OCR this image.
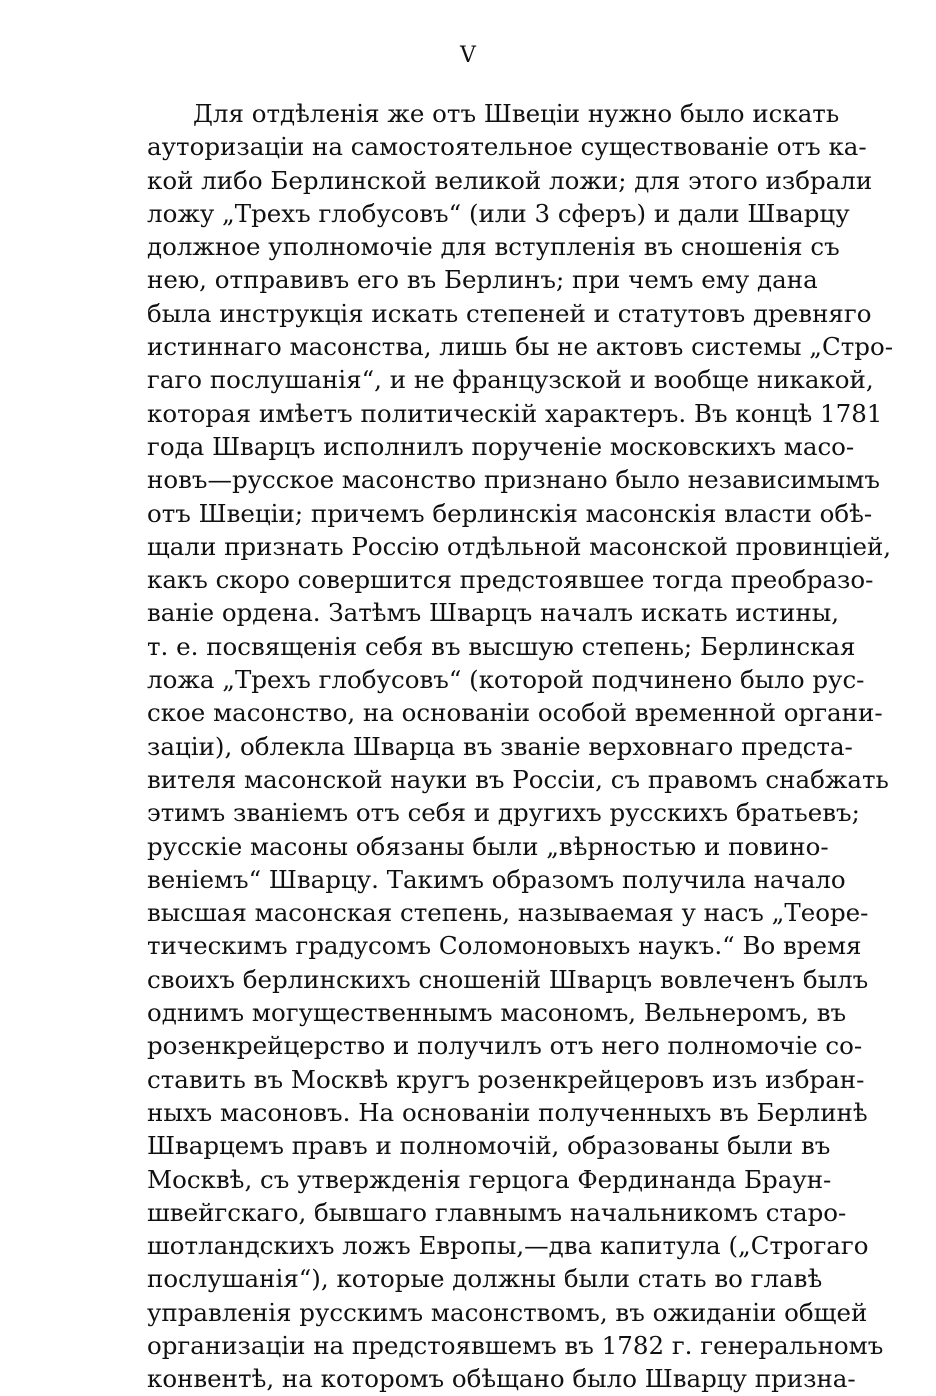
V
Для отдѣленія же отъ Швеціи нужно было искать
ауторизаціи на самостоятельное существованіе отъ ка-
кой либо Берлинской великой ложи; для этого избрали
ложу „Трехъ глобусовъ“ (или 3 сферъ) и дали Шварцу
должное уполномочіе для вступленія въ сношенія съ
нею, отправивъ его въ Берлинъ; при чемъ ему дана
была инструкція искать степеней и статутовъ древняго
истиннаго масонства, лишь бы не актовъ системы „Стро-
гаго послушанія“, и не французской и вообще никакой,
которая имѣетъ политическій характеръ. Въ концѣ 1781
года Шварцъ исполнилъ порученіе московскихъ масо-
новъ—русское масонство признано было независимымъ
отъ Швеціи; причемъ берлинскія масонскія власти обѣ-
щали признать Россію отдѣльной масонской провинціей,
какъ скоро совершится предстоявшее тогда преобразо-
ваніе ордена. Затѣмъ Шварцъ началъ искать истины,
т. е. посвященія себя въ высшую степень; Берлинская
ложа „Трехъ глобусовъ“ (которой подчинено было рус-
ское масонство, на основаніи особой временной органи-
заціи), облекла Шварца въ званіе верховнаго предста-
вителя масонской науки въ Россіи, съ правомъ снабжать
этимъ званіемъ отъ себя и другихъ русскихъ братьевъ;
русскіе масоны обязаны были „вѣрностью и повино-
веніемъ“ Шварцу. Такимъ образомъ получила начало
высшая масонская степень, называемая у насъ „Теоре-
тическимъ градусомъ Соломоновыхъ наукъ.“ Во время
своихъ берлинскихъ сношеній Шварцъ вовлеченъ былъ
однимъ могущественнымъ масономъ, Вельнеромъ, въ
розенкрейцерство и получилъ отъ него полномочіе со-
ставить въ Москвѣ кругъ розенкрейцеровъ изъ избран-
ныхъ масоновъ. На основаніи полученныхъ въ Берлинѣ
Шварцемъ правъ и полномочій, образованы были въ
Москвѣ, съ утвержденія герцога Фердинанда Браун-
швейгскаго, бывшаго главнымъ начальникомъ старо-
шотландскихъ ложъ Европы,—два капитула („Строгаго
послушанія“), которые должны были стать во главѣ
управленія русскимъ масонствомъ, въ ожиданіи общей
организаціи на предстоявшемъ въ 1782 г. генеральномъ
конвентѣ, на которомъ обѣщано было Шварцу призна-
